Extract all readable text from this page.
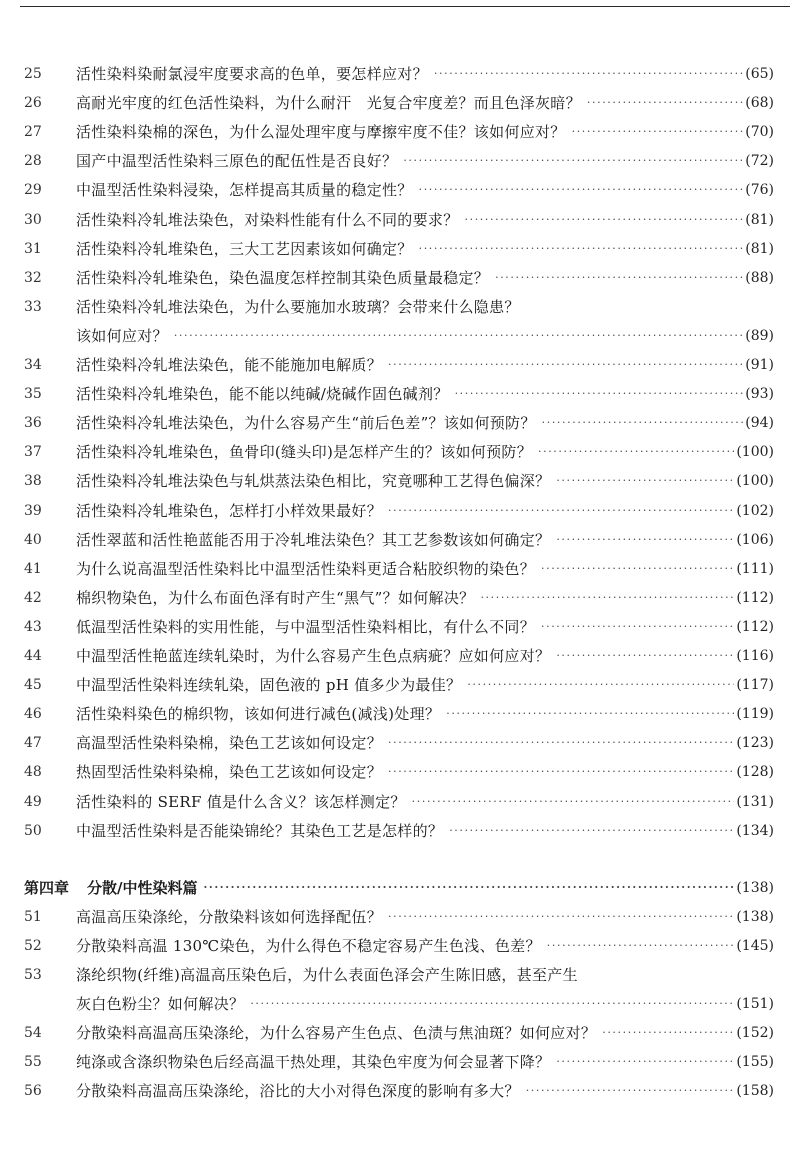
25	活性染料染耐氯浸牢度要求高的色单，要怎样应对？ ·····	(65)
26	高耐光牢度的红色活性染料，为什么耐汗　光复合牢度差？而且色泽灰暗？ ·····	(68)
27	活性染料染棉的深色，为什么湿处理牢度与摩擦牢度不佳？该如何应对？ ·····	(70)
28	国产中温型活性染料三原色的配伍性是否良好？ ·····	(72)
29	中温型活性染料浸染，怎样提高其质量的稳定性？ ·····	(76)
30	活性染料冷轧堆法染色，对染料性能有什么不同的要求？ ·····	(81)
31	活性染料冷轧堆染色，三大工艺因素该如何确定？ ·····	(81)
32	活性染料冷轧堆染色，染色温度怎样控制其染色质量最稳定？ ·····	(88)
33	活性染料冷轧堆法染色，为什么要施加水玻璃？会带来什么隐患？
该如何应对？ ·····	(89)
34	活性染料冷轧堆法染色，能不能施加电解质？ ·····	(91)
35	活性染料冷轧堆染色，能不能以纯碱/烧碱作固色碱剂？ ·····	(93)
36	活性染料冷轧堆法染色，为什么容易产生“前后色差”？该如何预防？ ·····	(94)
37	活性染料冷轧堆染色，鱼骨印(缝头印)是怎样产生的？该如何预防？ ·····	(100)
38	活性染料冷轧堆法染色与轧烘蒸法染色相比，究竟哪种工艺得色偏深？ ·····	(100)
39	活性染料冷轧堆染色，怎样打小样效果最好？ ·····	(102)
40	活性翠蓝和活性艳蓝能否用于冷轧堆法染色？其工艺参数该如何确定？ ·····	(106)
41	为什么说高温型活性染料比中温型活性染料更适合粘胶织物的染色？ ·····	(111)
42	棉织物染色，为什么布面色泽有时产生“黑气”？如何解决？ ·····	(112)
43	低温型活性染料的实用性能，与中温型活性染料相比，有什么不同？ ·····	(112)
44	中温型活性艳蓝连续轧染时，为什么容易产生色点病疵？应如何应对？ ·····	(116)
45	中温型活性染料连续轧染，固色液的 pH 值多少为最佳？ ·····	(117)
46	活性染料染色的棉织物，该如何进行减色(减浅)处理？ ·····	(119)
47	高温型活性染料染棉，染色工艺该如何设定？ ·····	(123)
48	热固型活性染料染棉，染色工艺该如何设定？ ·····	(128)
49	活性染料的 SERF 值是什么含义？该怎样测定？ ·····	(131)
50	中温型活性染料是否能染锦纶？其染色工艺是怎样的？ ·····	(134)
第四章 分散/中性染料篇 ·····	(138)
51	高温高压染涤纶，分散染料该如何选择配伍？ ·····	(138)
52	分散染料高温 130℃染色，为什么得色不稳定容易产生色浅、色差？ ·····	(145)
53	涤纶织物(纤维)高温高压染色后，为什么表面色泽会产生陈旧感，甚至产生
灰白色粉尘？如何解决？ ·····	(151)
54	分散染料高温高压染涤纶，为什么容易产生色点、色渍与焦油斑？如何应对？ ·····	(152)
55	纯涤或含涤织物染色后经高温干热处理，其染色牢度为何会显著下降？ ·····	(155)
56	分散染料高温高压染涤纶，浴比的大小对得色深度的影响有多大？ ·····	(158)
